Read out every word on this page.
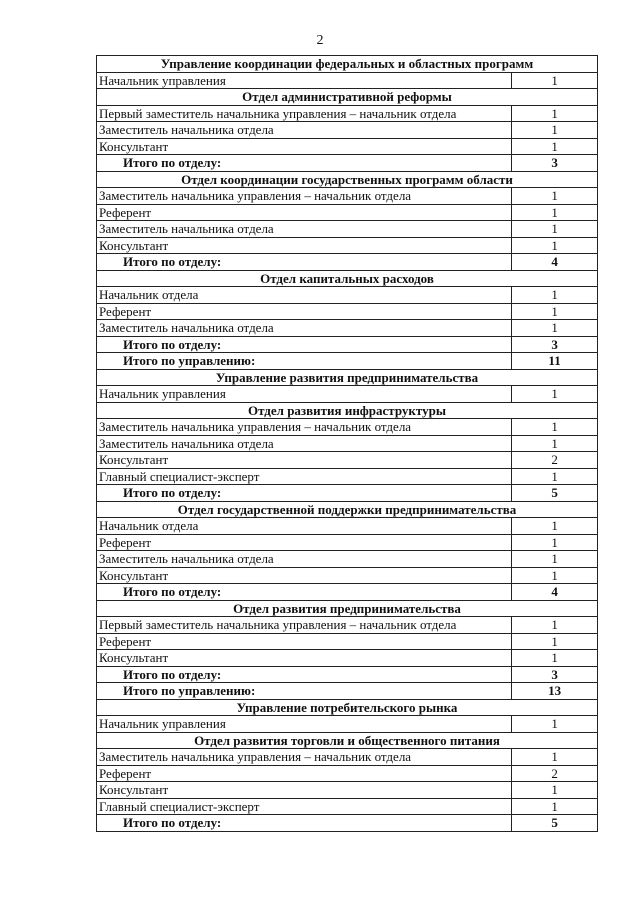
2
Управление координации федеральных и областных программ	
Начальник управления	1
Отдел административной реформы	
Первый заместитель начальника управления – начальник отдела	1
Заместитель начальника отдела	1
Консультант	1
Итого по отделу:	3
Отдел координации государственных программ области	
Заместитель начальника управления – начальник отдела	1
Референт	1
Заместитель начальника отдела	1
Консультант	1
Итого по отделу:	4
Отдел капитальных расходов	
Начальник отдела	1
Референт	1
Заместитель начальника отдела	1
Итого по отделу:	3
Итого по управлению:	11
Управление развития предпринимательства	
Начальник управления	1
Отдел развития инфраструктуры	
Заместитель начальника управления – начальник отдела	1
Заместитель начальника отдела	1
Консультант	2
Главный специалист-эксперт	1
Итого по отделу:	5
Отдел государственной поддержки предпринимательства	
Начальник отдела	1
Референт	1
Заместитель начальника отдела	1
Консультант	1
Итого по отделу:	4
Отдел развития предпринимательства	
Первый заместитель начальника управления – начальник отдела	1
Референт	1
Консультант	1
Итого по отделу:	3
Итого по управлению:	13
Управление потребительского рынка	
Начальник управления	1
Отдел развития торговли и общественного питания	
Заместитель начальника управления – начальник отдела	1
Референт	2
Консультант	1
Главный специалист-эксперт	1
Итого по отделу:	5
